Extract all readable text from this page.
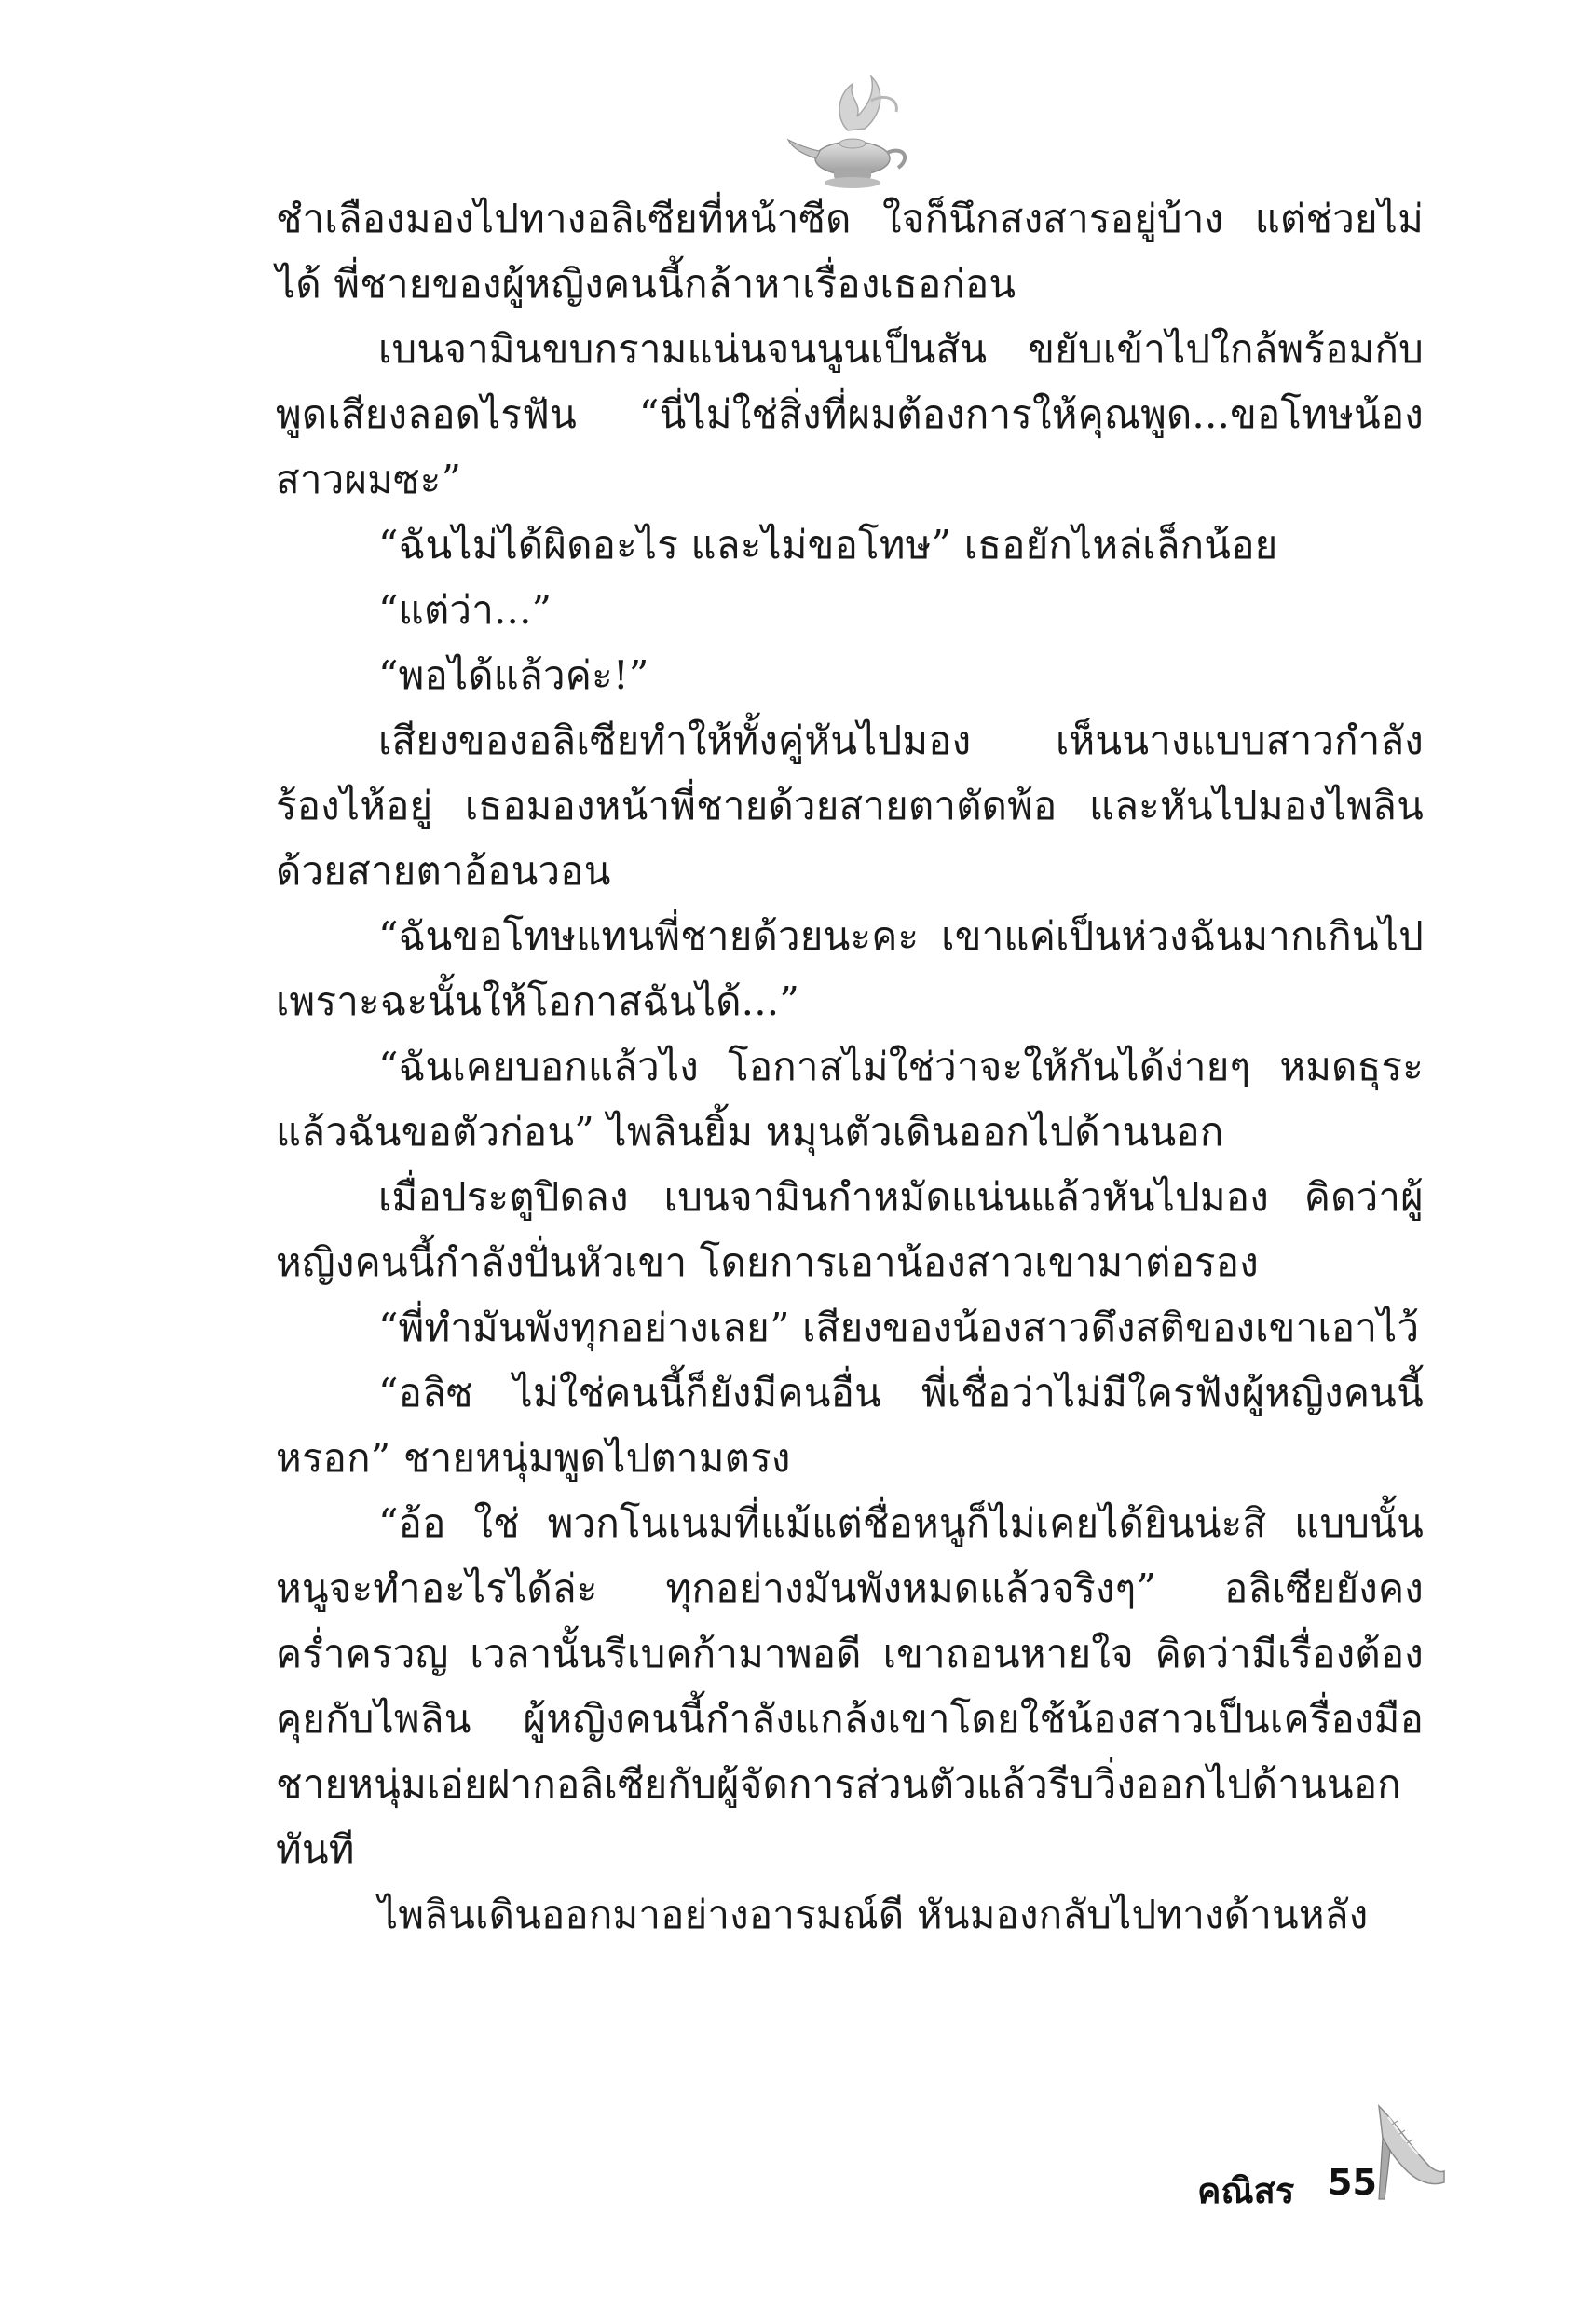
ชำเลืองมองไปทางอลิเซียที่หน้าซีด ใจก็นึกสงสารอยู่บ้าง แต่ช่วยไม่ได้ พี่ชายของผู้หญิงคนนี้กล้าหาเรื่องเธอก่อน

เบนจามินขบกรามแน่นจนนูนเป็นสัน ขยับเข้าไปใกล้พร้อมกับพูดเสียงลอดไรฟัน “นี่ไม่ใช่สิ่งที่ผมต้องการให้คุณพูด...ขอโทษน้องสาวผมซะ”

“ฉันไม่ได้ผิดอะไร และไม่ขอโทษ” เธอยักไหล่เล็กน้อย

“แต่ว่า...”

“พอได้แล้วค่ะ!”

เสียงของอลิเซียทำให้ทั้งคู่หันไปมอง เห็นนางแบบสาวกำลังร้องไห้อยู่ เธอมองหน้าพี่ชายด้วยสายตาตัดพ้อ และหันไปมองไพลินด้วยสายตาอ้อนวอน

“ฉันขอโทษแทนพี่ชายด้วยนะคะ เขาแค่เป็นห่วงฉันมากเกินไปเพราะฉะนั้นให้โอกาสฉันได้...”

“ฉันเคยบอกแล้วไง โอกาสไม่ใช่ว่าจะให้กันได้ง่ายๆ หมดธุระแล้วฉันขอตัวก่อน” ไพลินยิ้ม หมุนตัวเดินออกไปด้านนอก

เมื่อประตูปิดลง เบนจามินกำหมัดแน่นแล้วหันไปมอง คิดว่าผู้หญิงคนนี้กำลังปั่นหัวเขา โดยการเอาน้องสาวเขามาต่อรอง

“พี่ทำมันพังทุกอย่างเลย” เสียงของน้องสาวดึงสติของเขาเอาไว้

“อลิซ ไม่ใช่คนนี้ก็ยังมีคนอื่น พี่เชื่อว่าไม่มีใครฟังผู้หญิงคนนี้หรอก” ชายหนุ่มพูดไปตามตรง

“อ้อ ใช่ พวกโนเนมที่แม้แต่ชื่อหนูก็ไม่เคยได้ยินน่ะสิ แบบนั้นหนูจะทำอะไรได้ล่ะ ทุกอย่างมันพังหมดแล้วจริงๆ” อลิเซียยังคงคร่ำครวญ เวลานั้นรีเบคก้ามาพอดี เขาถอนหายใจ คิดว่ามีเรื่องต้องคุยกับไพลิน ผู้หญิงคนนี้กำลังแกล้งเขาโดยใช้น้องสาวเป็นเครื่องมือ ชายหนุ่มเอ่ยฝากอลิเซียกับผู้จัดการส่วนตัวแล้วรีบวิ่งออกไปด้านนอกทันที

ไพลินเดินออกมาอย่างอารมณ์ดี หันมองกลับไปทางด้านหลัง

คณิสร 55
